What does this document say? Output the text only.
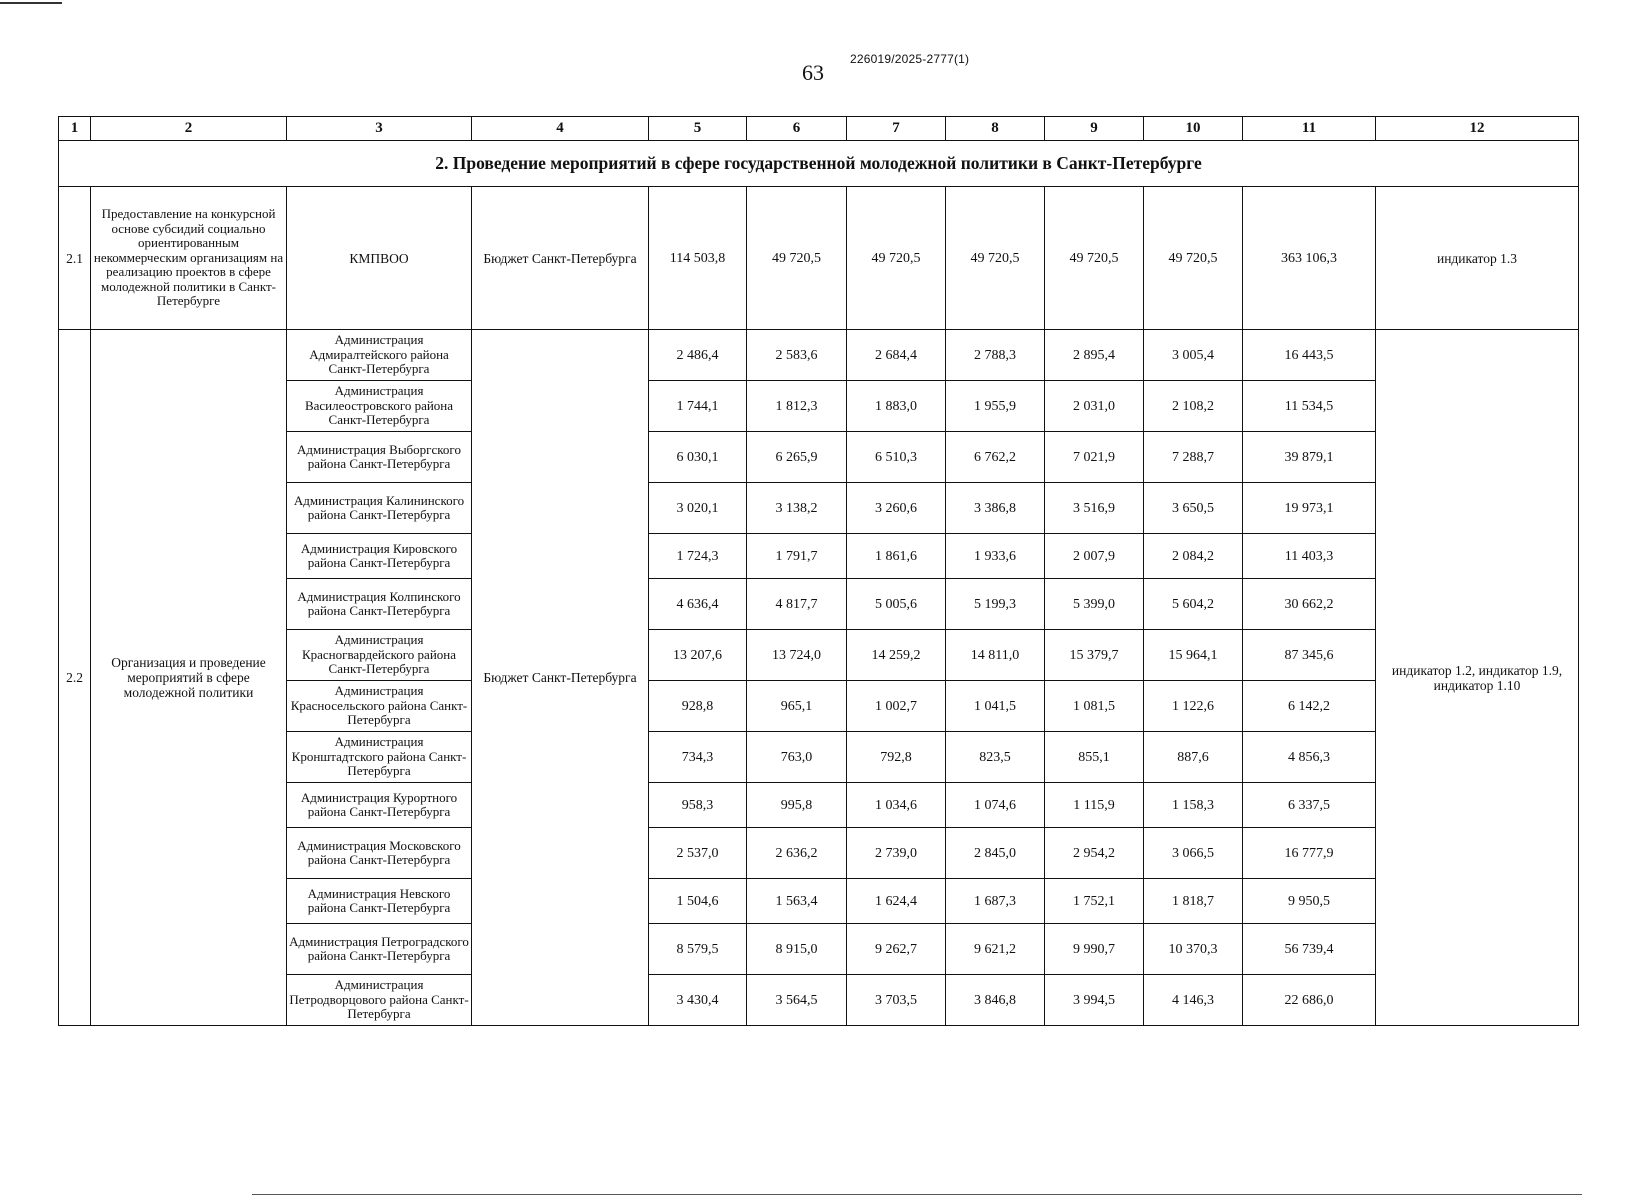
63
226019/2025-2777(1)
1	2	3	4	5	6	7	8	9	10	11	12
2. Проведение мероприятий в сфере государственной молодежной политики в Санкт-Петербурге											
2.1	Предоставление на конкурсной основе субсидий социально ориентированным некоммерческим организациям на реализацию проектов в сфере молодежной политики в Санкт-Петербурге	КМПВОО	Бюджет Санкт-Петербурга	114 503,8	49 720,5	49 720,5	49 720,5	49 720,5	49 720,5	363 106,3	индикатор 1.3
2.2	Организация и проведение мероприятий в сфере молодежной политики	Администрация Адмиралтейского района Санкт-Петербурга	Бюджет Санкт-Петербурга	2 486,4	2 583,6	2 684,4	2 788,3	2 895,4	3 005,4	16 443,5	индикатор 1.2, индикатор 1.9, индикатор 1.10
		Администрация Василеостровского района Санкт-Петербурга		1 744,1	1 812,3	1 883,0	1 955,9	2 031,0	2 108,2	11 534,5	
		Администрация Выборгского района Санкт-Петербурга		6 030,1	6 265,9	6 510,3	6 762,2	7 021,9	7 288,7	39 879,1	
		Администрация Калининского района Санкт-Петербурга		3 020,1	3 138,2	3 260,6	3 386,8	3 516,9	3 650,5	19 973,1	
		Администрация Кировского района Санкт-Петербурга		1 724,3	1 791,7	1 861,6	1 933,6	2 007,9	2 084,2	11 403,3	
		Администрация Колпинского района Санкт-Петербурга		4 636,4	4 817,7	5 005,6	5 199,3	5 399,0	5 604,2	30 662,2	
		Администрация Красногвардейского района Санкт-Петербурга		13 207,6	13 724,0	14 259,2	14 811,0	15 379,7	15 964,1	87 345,6	
		Администрация Красносельского района Санкт-Петербурга		928,8	965,1	1 002,7	1 041,5	1 081,5	1 122,6	6 142,2	
		Администрация Кронштадтского района Санкт-Петербурга		734,3	763,0	792,8	823,5	855,1	887,6	4 856,3	
		Администрация Курортного района Санкт-Петербурга		958,3	995,8	1 034,6	1 074,6	1 115,9	1 158,3	6 337,5	
		Администрация Московского района Санкт-Петербурга		2 537,0	2 636,2	2 739,0	2 845,0	2 954,2	3 066,5	16 777,9	
		Администрация Невского района Санкт-Петербурга		1 504,6	1 563,4	1 624,4	1 687,3	1 752,1	1 818,7	9 950,5	
		Администрация Петроградского района Санкт-Петербурга		8 579,5	8 915,0	9 262,7	9 621,2	9 990,7	10 370,3	56 739,4	
		Администрация Петродворцового района Санкт-Петербурга		3 430,4	3 564,5	3 703,5	3 846,8	3 994,5	4 146,3	22 686,0	
